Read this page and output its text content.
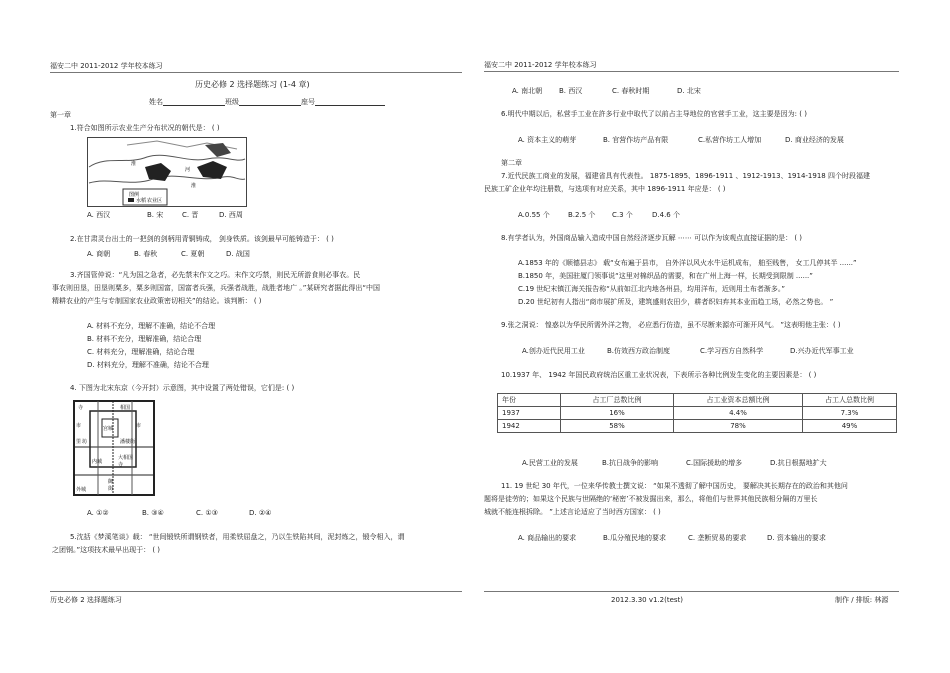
福安二中 2011-2012 学年校本练习	福安二中 2011-2012 学年校本练习
历史必修 2 选择题练习	2012.3.30 v1.2(test)	制作 / 排版: 林源
历史必修 2 选择题练习 (1-4 章)
姓名	班级	座号
第一章
1.符合如图所示农业生产分布状况的朝代是： ( )
图例
水稻 农业区
淮
河
淮
A. 西汉	B. 宋	C. 晋	D. 西周
2.在甘肃灵台出土的一把剑的剑柄用青铜铸成， 剑身铁质。该剑最早可能铸造于： ( )
A. 商朝	B. 春秋	C. 夏朝	D. 战国
3.齐国管仲说：“凡为国之急者，必先禁末作文之巧。末作文巧禁，则民无所游食则必事农。民
事农则田垦，田垦则粟多，粟多则国富，国富者兵强，兵强者战胜，战胜者地广 。”某研究者据此得出“中国
精耕农业的产生与专制国家农业政策密切相关”的结论。该判断： ( )
A. 材料不充分，理解不准确，结论不合理
B. 材料不充分，理解准确，结论合理
C. 材料充分，理解准确，结论合理
D. 材料充分，理解不准确，结论不合理
4. 下图为北宋东京（今开封）示意图，其中设置了两处错误，它们是: ( )
寺	相国
市
潘楼街
里 坊
市
大相国
寺
御
街
宫城
内城
外城
A. ①②	B. ③④	C. ①③	D. ②④
5.沈括《梦溪笔谈》载： “世间锻铁所谓钢铁者，用柔铁屈盘之，乃以生铁陷其间，泥封炼之，锻令相入，谓
之团钢。”这项技术最早出现于： ( )
A. 南北朝 B. 西汉	C. 春秋时期	D. 北宋
6.明代中期以后，私营手工业在許多行业中取代了以前占主导地位的官营手工业，这主要是因为: ( )
A. 资本主义的萌芽	B. 官营作坊产品有限	C.私营作坊工人增加	D. 商业经济的发展
第二章
7.近代民族工商业的发展，福建省具有代表性。 1875-1895、1896-1911 、1912-1913、1914-1918 四个时段福建
民族工矿企业年均注册数，与选项有对应关系，其中 1896-1911 年应是： ( )
A.0.55 个	B.2.5 个 C.3 个	D.4.6 个
8.有学者认为，外国商品输入造成中国自然经济逐步瓦解 ⋯⋯ 可以作为该观点直接证据的是： ( )
A.1853 年的《顺德县志》 载“女布遍于县市， 自外洋以风火水牛运机成布， 舶至贱售， 女工几停其半 ......”
B.1850 年，美国驻厦门领事说“这里对棉织品的需要，和在广州上海一样，长期受到限制 ......”
C.19 世纪末镇江海关报告称“从前如江北内地各州县，均用洋布，近则用土布者渐多。”
D.20 世纪初有人指出“商市展扩所及，建筑盛则农田少，耕者织妇弃其本业而趋工场，必然之势也。 ”
9.张之洞说： 惶惑以为华民所需外洋之物， 必应悉行仿造，虽不尽断来源亦可渐开风气。 ”这表明他主张：( )
A.创办近代民用工业	B.仿效西方政治制度	C.学习西方自然科学	D.兴办近代军事工业
10.1937 年、 1942 年国民政府统治区重工业状况表，下表所示各种比例发生变化的主要因素是： ( )
年份	占工厂总数比例	占工业资本总额比例	占工人总数比例
1937	16%	4.4%	7.3%
1942	58%	78%	49%
A.民营工业的发展	B.抗日战争的影响	C.国际援助的增多	D.抗日根据地扩大
11. 19 世纪 30 年代，一位来华传教士撰文说： “如果不透彻了解中国历史， 要解决其长期存在的政治和其他问
题将是徒劳的；如果这个民族与世隔绝的‘秘密’不被发掘出来，那么，将他们与世界其他民族相分隔的万里长
城就不能连根拆除。 ”上述言论适应了当时西方国家： ( )
A. 商品输出的要求	B.瓜分殖民地的要求	C. 垄断贸易的要求	D. 资本输出的要求
